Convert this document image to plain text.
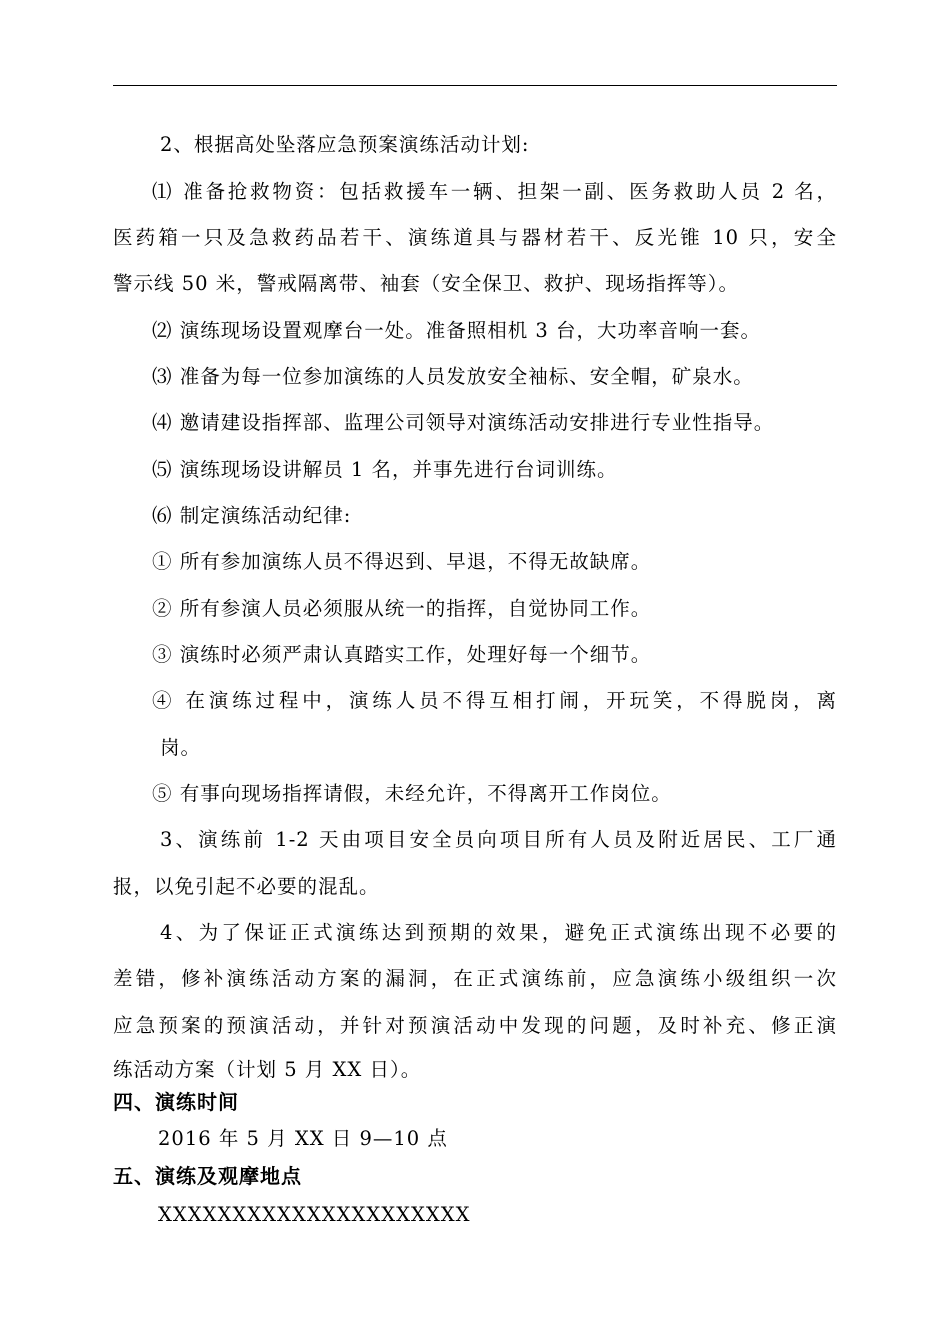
2、根据高处坠落应急预案演练活动计划:
⑴ 准备抢救物资：包括救援车一辆、担架一副、医务救助人员 2 名，
医药箱一只及急救药品若干、演练道具与器材若干、反光锥 10 只，安全
警示线 50 米，警戒隔离带、袖套（安全保卫、救护、现场指挥等）。
⑵ 演练现场设置观摩台一处。准备照相机 3 台，大功率音响一套。
⑶ 准备为每一位参加演练的人员发放安全袖标、安全帽，矿泉水。
⑷ 邀请建设指挥部、监理公司领导对演练活动安排进行专业性指导。
⑸ 演练现场设讲解员 1 名，并事先进行台词训练。
⑹ 制定演练活动纪律:
① 所有参加演练人员不得迟到、早退，不得无故缺席。
② 所有参演人员必须服从统一的指挥，自觉协同工作。
③ 演练时必须严肃认真踏实工作，处理好每一个细节。
④ 在演练过程中，演练人员不得互相打闹，开玩笑，不得脱岗，离
岗。
⑤ 有事向现场指挥请假，未经允许，不得离开工作岗位。
3、演练前 1-2 天由项目安全员向项目所有人员及附近居民、工厂通
报，以免引起不必要的混乱。
4、为了保证正式演练达到预期的效果，避免正式演练出现不必要的
差错，修补演练活动方案的漏洞，在正式演练前，应急演练小级组织一次
应急预案的预演活动，并针对预演活动中发现的问题，及时补充、修正演
练活动方案（计划 5 月 XX 日）。
四、演练时间
2016 年 5 月 XX 日 9—10 点
五、演练及观摩地点
XXXXXXXXXXXXXXXXXXXXX
